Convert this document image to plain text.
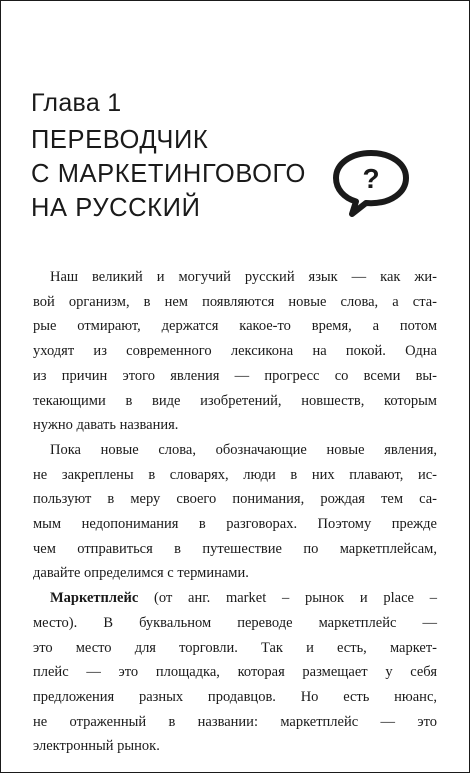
Глава 1
ПЕРЕВОДЧИК
С МАРКЕТИНГОВОГО
НА РУССКИЙ
?
Наш великий и могучий русский язык — как жи-
вой организм, в нем появляются новые слова, а ста-
рые отмирают, держатся какое-то время, а потом
уходят из современного лексикона на покой. Одна
из причин этого явления — прогресс со всеми вы-
текающими в виде изобретений, новшеств, которым
нужно давать названия.
Пока новые слова, обозначающие новые явления,
не закреплены в словарях, люди в них плавают, ис-
пользуют в меру своего понимания, рождая тем са-
мым недопонимания в разговорах. Поэтому прежде
чем отправиться в путешествие по маркетплейсам,
давайте определимся с терминами.
Маркетплейс (от анг. market – рынок и place –
место). В буквальном переводе маркетплейс —
это место для торговли. Так и есть, маркет-
плейс — это площадка, которая размещает у себя
предложения разных продавцов. Но есть нюанс,
не отраженный в названии: маркетплейс — это
электронный рынок.
